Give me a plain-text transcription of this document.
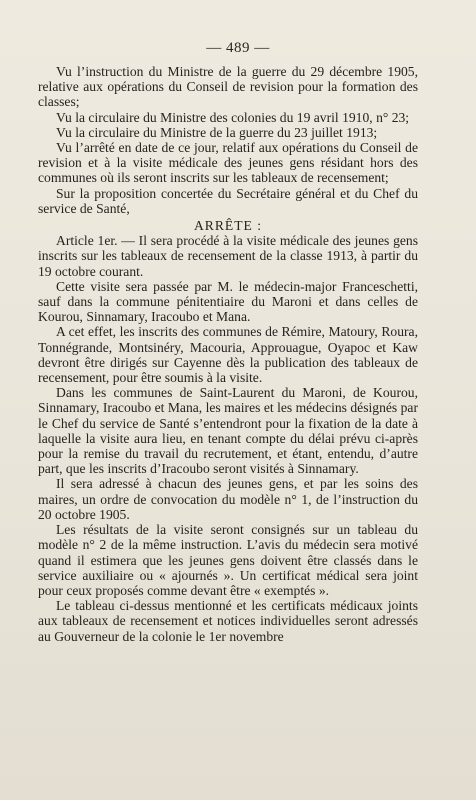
— 489 —

Vu l’instruction du Ministre de la guerre du 29 décembre 1905, relative aux opérations du Conseil de revision pour la formation des classes;

Vu la circulaire du Ministre des colonies du 19 avril 1910, n° 23;

Vu la circulaire du Ministre de la guerre du 23 juillet 1913;

Vu l’arrêté en date de ce jour, relatif aux opérations du Conseil de revision et à la visite médicale des jeunes gens résidant hors des communes où ils seront inscrits sur les tableaux de recensement;

Sur la proposition concertée du Secrétaire général et du Chef du service de Santé,

ARRÊTE :

Article 1er. — Il sera procédé à la visite médicale des jeunes gens inscrits sur les tableaux de recensement de la classe 1913, à partir du 19 octobre courant.

Cette visite sera passée par M. le médecin-major Franceschetti, sauf dans la commune pénitentiaire du Maroni et dans celles de Kourou, Sinnamary, Iracoubo et Mana.

A cet effet, les inscrits des communes de Rémire, Matoury, Roura, Tonnégrande, Montsinéry, Macouria, Approuague, Oyapoc et Kaw devront être dirigés sur Cayenne dès la publication des tableaux de recensement, pour être soumis à la visite.

Dans les communes de Saint-Laurent du Maroni, de Kourou, Sinnamary, Iracoubo et Mana, les maires et les médecins désignés par le Chef du service de Santé s’entendront pour la fixation de la date à laquelle la visite aura lieu, en tenant compte du délai prévu ci-après pour la remise du travail du recrutement, et étant, entendu, d’autre part, que les inscrits d’Iracoubo seront visités à Sinnamary.

Il sera adressé à chacun des jeunes gens, et par les soins des maires, un ordre de convocation du modèle n° 1, de l’instruction du 20 octobre 1905.

Les résultats de la visite seront consignés sur un tableau du modèle n° 2 de la même instruction. L’avis du médecin sera motivé quand il estimera que les jeunes gens doivent être classés dans le service auxiliaire ou « ajournés ». Un certificat médical sera joint pour ceux proposés comme devant être « exemptés ».

Le tableau ci-dessus mentionné et les certificats médicaux joints aux tableaux de recensement et notices individuelles seront adressés au Gouverneur de la colonie le 1er novembre
